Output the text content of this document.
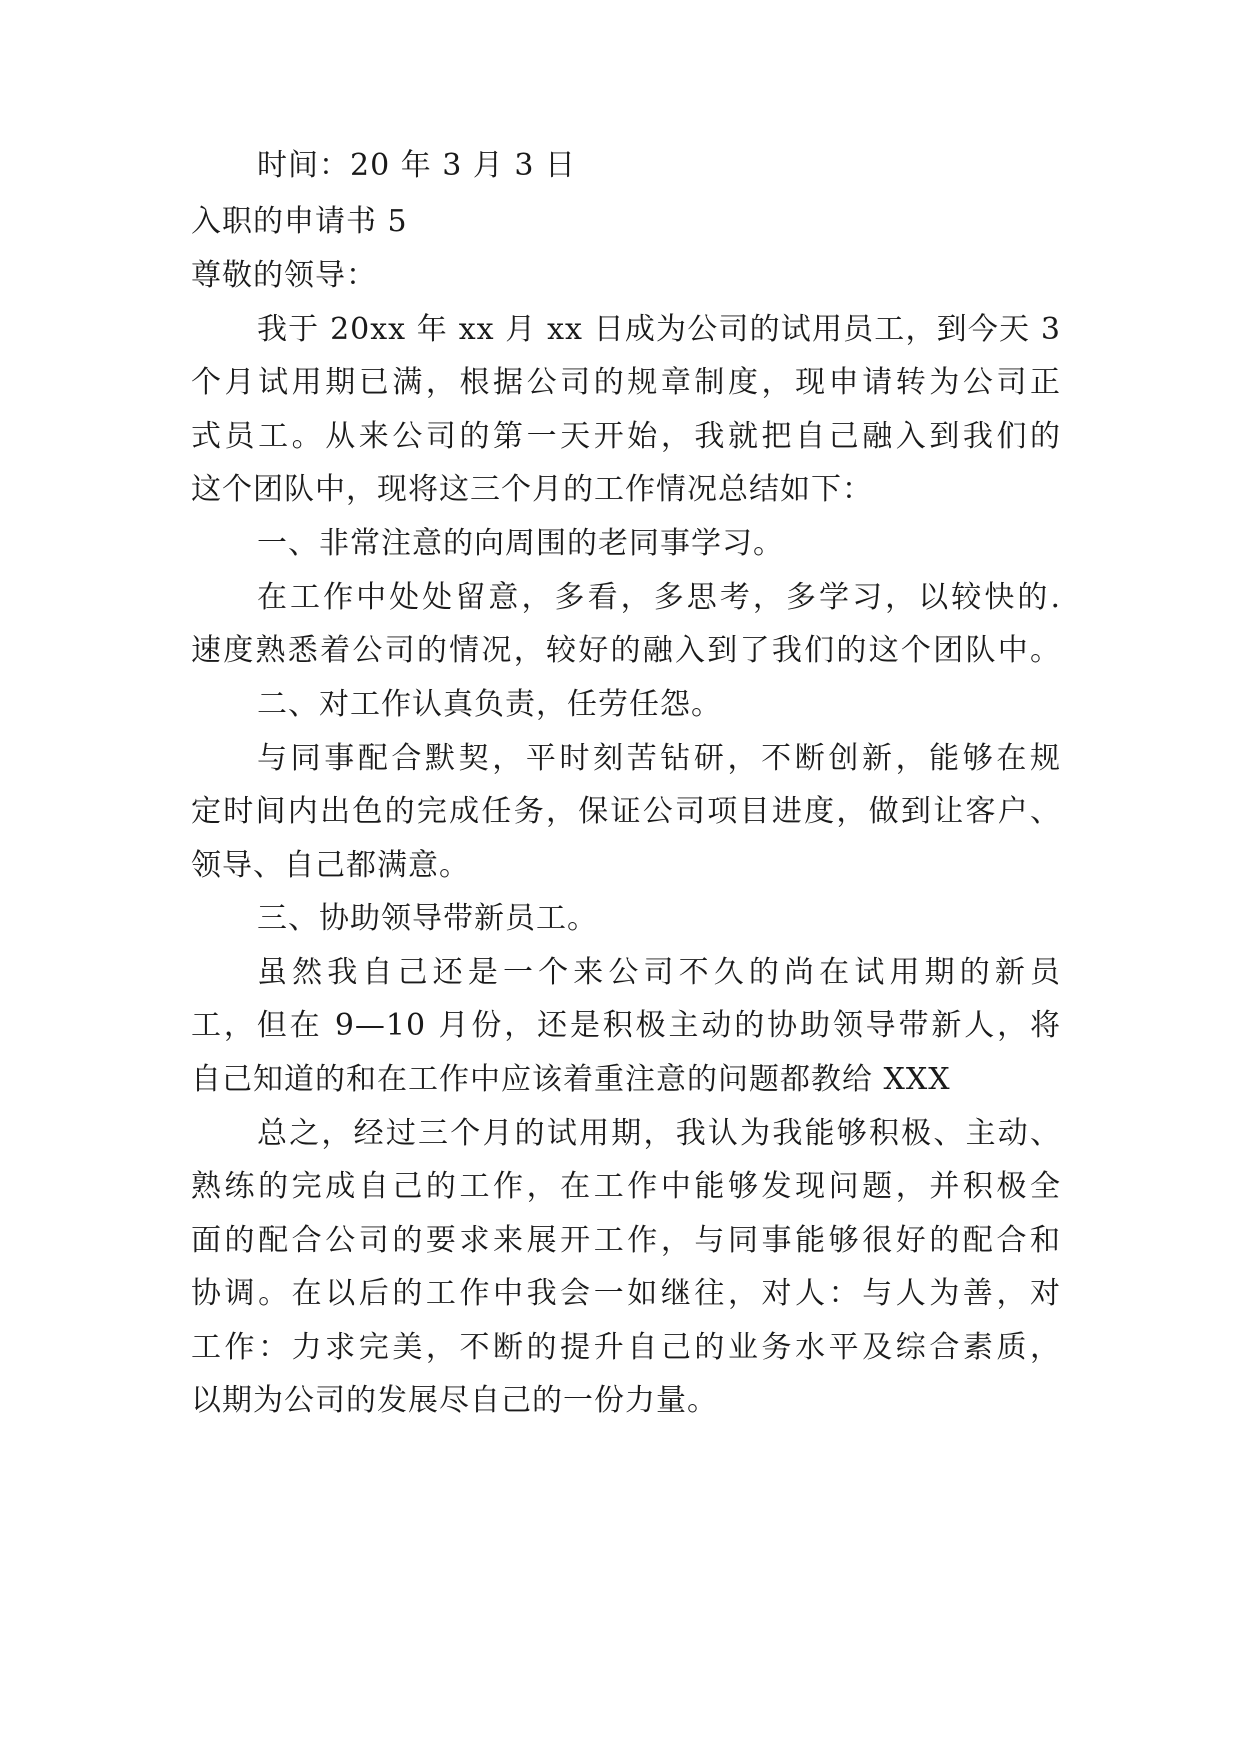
时间：20 年 3 月 3 日
入职的申请书 5
尊敬的领导：
我于 20xx 年 xx 月 xx 日成为公司的试用员工，到今天 3
个月试用期已满，根据公司的规章制度，现申请转为公司正
式员工。从来公司的第一天开始，我就把自己融入到我们的
这个团队中，现将这三个月的工作情况总结如下：
一、非常注意的向周围的老同事学习。
在工作中处处留意，多看，多思考，多学习，以较快的.
速度熟悉着公司的情况，较好的融入到了我们的这个团队中。
二、对工作认真负责，任劳任怨。
与同事配合默契，平时刻苦钻研，不断创新，能够在规
定时间内出色的完成任务，保证公司项目进度，做到让客户、
领导、自己都满意。
三、协助领导带新员工。
虽然我自己还是一个来公司不久的尚在试用期的新员
工，但在 9—10 月份，还是积极主动的协助领导带新人，将
自己知道的和在工作中应该着重注意的问题都教给 XXX
总之，经过三个月的试用期，我认为我能够积极、主动、
熟练的完成自己的工作，在工作中能够发现问题，并积极全
面的配合公司的要求来展开工作，与同事能够很好的配合和
协调。在以后的工作中我会一如继往，对人：与人为善，对
工作：力求完美，不断的提升自己的业务水平及综合素质，
以期为公司的发展尽自己的一份力量。
